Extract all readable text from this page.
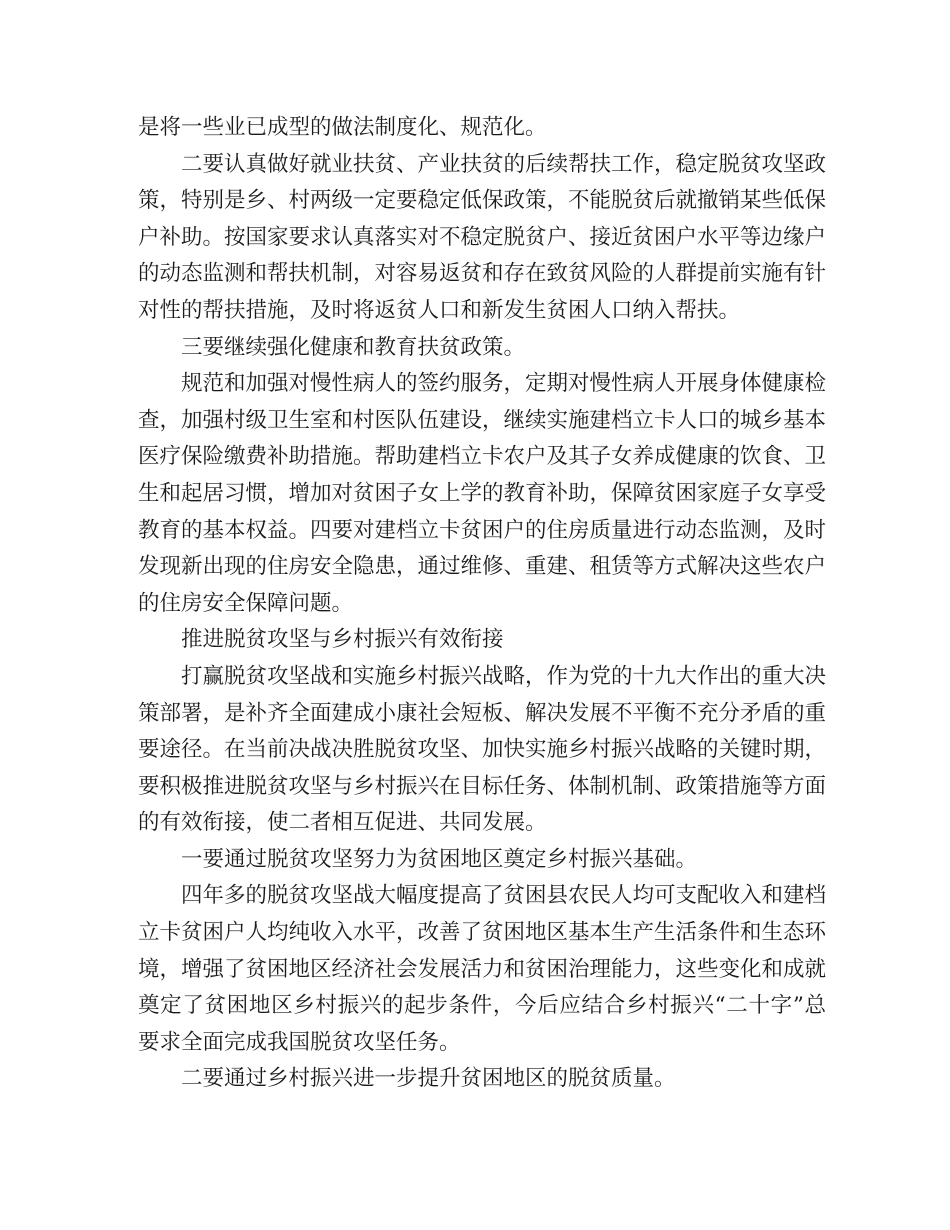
是将一些业已成型的做法制度化、规范化。

二要认真做好就业扶贫、产业扶贫的后续帮扶工作，稳定脱贫攻坚政策，特别是乡、村两级一定要稳定低保政策，不能脱贫后就撤销某些低保户补助。按国家要求认真落实对不稳定脱贫户、接近贫困户水平等边缘户的动态监测和帮扶机制，对容易返贫和存在致贫风险的人群提前实施有针对性的帮扶措施，及时将返贫人口和新发生贫困人口纳入帮扶。

三要继续强化健康和教育扶贫政策。

规范和加强对慢性病人的签约服务，定期对慢性病人开展身体健康检查，加强村级卫生室和村医队伍建设，继续实施建档立卡人口的城乡基本医疗保险缴费补助措施。帮助建档立卡农户及其子女养成健康的饮食、卫生和起居习惯，增加对贫困子女上学的教育补助，保障贫困家庭子女享受教育的基本权益。四要对建档立卡贫困户的住房质量进行动态监测，及时发现新出现的住房安全隐患，通过维修、重建、租赁等方式解决这些农户的住房安全保障问题。

推进脱贫攻坚与乡村振兴有效衔接

打赢脱贫攻坚战和实施乡村振兴战略，作为党的十九大作出的重大决策部署，是补齐全面建成小康社会短板、解决发展不平衡不充分矛盾的重要途径。在当前决战决胜脱贫攻坚、加快实施乡村振兴战略的关键时期，要积极推进脱贫攻坚与乡村振兴在目标任务、体制机制、政策措施等方面的有效衔接，使二者相互促进、共同发展。

一要通过脱贫攻坚努力为贫困地区奠定乡村振兴基础。

四年多的脱贫攻坚战大幅度提高了贫困县农民人均可支配收入和建档立卡贫困户人均纯收入水平，改善了贫困地区基本生产生活条件和生态环境，增强了贫困地区经济社会发展活力和贫困治理能力，这些变化和成就奠定了贫困地区乡村振兴的起步条件，今后应结合乡村振兴“二十字”总要求全面完成我国脱贫攻坚任务。

二要通过乡村振兴进一步提升贫困地区的脱贫质量。
